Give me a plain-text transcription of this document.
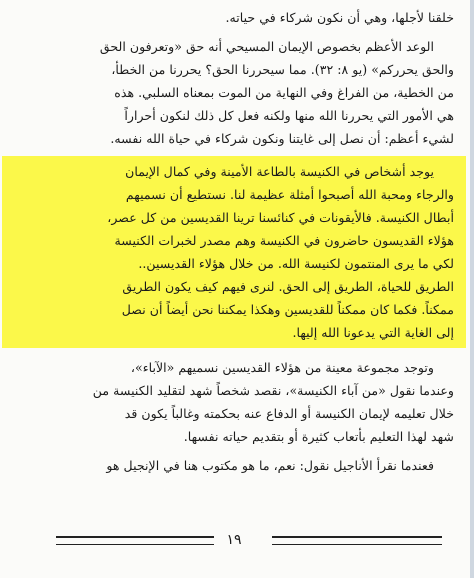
خلقنا لأجلها، وهي أن نكون شركاء في حياته.
الوعد الأعظم بخصوص الإيمان المسيحي أنه حق «وتعرفون الحق
والحق يحرركم» (يو ٨: ٣٢). مما سيحررنا الحق؟ يحررنا من الخطأ،
من الخطية، من الفراغ وفي النهاية من الموت بمعناه السلبي. هذه
هي الأمور التي يحررنا الله منها ولكنه فعل كل ذلك لنكون أحراراً
لشيء أعظم: أن نصل إلى غايتنا ونكون شركاء في حياة الله نفسه.
يوجد أشخاص في الكنيسة بالطاعة الأمينة وفي كمال الإيمان
والرجاء ومحبة الله أصبحوا أمثلة عظيمة لنا. نستطيع أن نسميهم
أبطال الكنيسة. فالأيقونات في كنائسنا ترينا القديسين من كل عصر،
هؤلاء القديسون حاضرون في الكنيسة وهم مصدر لخبرات الكنيسة
لكي ما يرى المنتمون لكنيسة الله. من خلال هؤلاء القديسين..
الطريق للحياة، الطريق إلى الحق. لنرى فيهم كيف يكون الطريق
ممكناً. فكما كان ممكناً للقديسين وهكذا يمكننا نحن أيضاً أن نصل
إلى الغاية التي يدعونا الله إليها.
وتوجد مجموعة معينة من هؤلاء القديسين نسميهم «الآباء»،
وعندما نقول «من آباء الكنيسة»، نقصد شخصاً شهد لتقليد الكنيسة من
خلال تعليمه لإيمان الكنيسة أو الدفاع عنه بحكمته وغالباً يكون قد
شهد لهذا التعليم بأتعاب كثيرة أو بتقديم حياته نفسها.
فعندما نقرأ الأناجيل نقول: نعم، ما هو مكتوب هنا في الإنجيل هو
١٩
